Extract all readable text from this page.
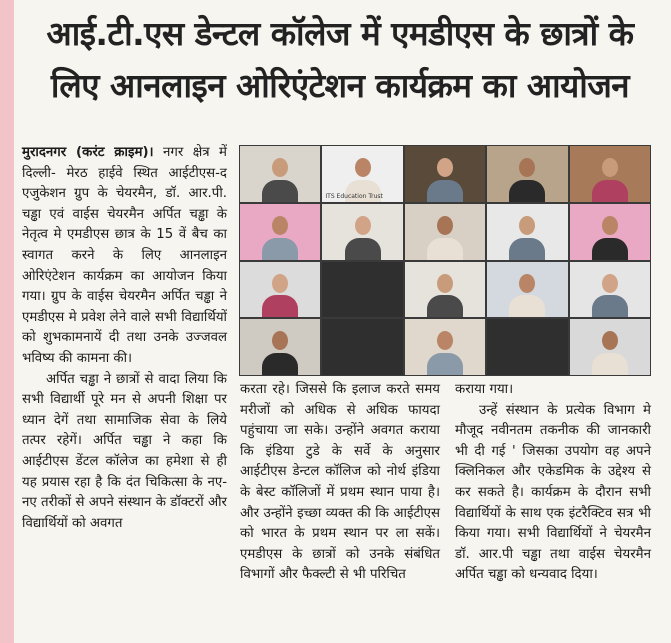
आई.टी.एस डेन्टल कॉलेज में एमडीएस के छात्रों के
लिए आनलाइन ओरिएंटेशन कार्यक्रम का आयोजन

मुरादनगर (करंट क्राइम)। नगर क्षेत्र में दिल्ली- मेरठ हाईवे स्थित आईटीएस-द एजुकेशन ग्रुप के चेयरमैन, डॉ. आर.पी. चड्ढा एवं वाईस चेयरमैन अर्पित चड्ढा के नेतृत्व मे एमडीएस छात्र के 15 वें बैच का स्वागत करने के लिए आनलाइन ओरिएंटेशन कार्यक्रम का आयोजन किया गया। ग्रुप के वाईस चेयरमैन अर्पित चड्ढा ने एमडीएस मे प्रवेश लेने वाले सभी विद्यार्थियों को शुभकामनायें दी तथा उनके उज्जवल भविष्य की कामना की।

अर्पित चड्ढा ने छात्रों से वादा लिया कि सभी विद्यार्थी पूरे मन से अपनी शिक्षा पर ध्यान देगें तथा सामाजिक सेवा के लिये तत्पर रहेगें। अर्पित चड्ढा ने कहा कि आईटीएस डेंटल कॉलेज का हमेशा से ही यह प्रयास रहा है कि दंत चिकित्सा के नए-नए तरीकों से अपने संस्थान के डॉक्टरों और विद्यार्थियों को अवगत

ITS Education Trust

करता रहे। जिससे कि इलाज करते समय मरीजों को अधिक से अधिक फायदा पहुंचाया जा सके। उन्होंने अवगत कराया कि इंडिया टुडे के सर्वे के अनुसार आईटीएस डेन्टल कॉलिज को नोर्थ इंडिया के बेस्ट कॉलिजों में प्रथम स्थान पाया है। और उन्होंने इच्छा व्यक्त की कि आईटीएस को भारत के प्रथम स्थान पर ला सकें। एमडीएस के छात्रों को उनके संबंधित विभागों और फैक्ल्टी से भी परिचित

कराया गया।

उन्हें संस्थान के प्रत्येक विभाग मे मौजूद नवीनतम तकनीक की जानकारी भी दी गई ' जिसका उपयोग वह अपने क्लिनिकल और एकेडमिक के उद्देश्य से कर सकते है। कार्यक्रम के दौरान सभी विद्यार्थियों के साथ एक इंटरैक्टिव सत्र भी किया गया। सभी विद्यार्थियों ने चेयरमैन डॉ. आर.पी चड्ढा तथा वाईस चेयरमैन अर्पित चड्ढा को धन्यवाद दिया।
